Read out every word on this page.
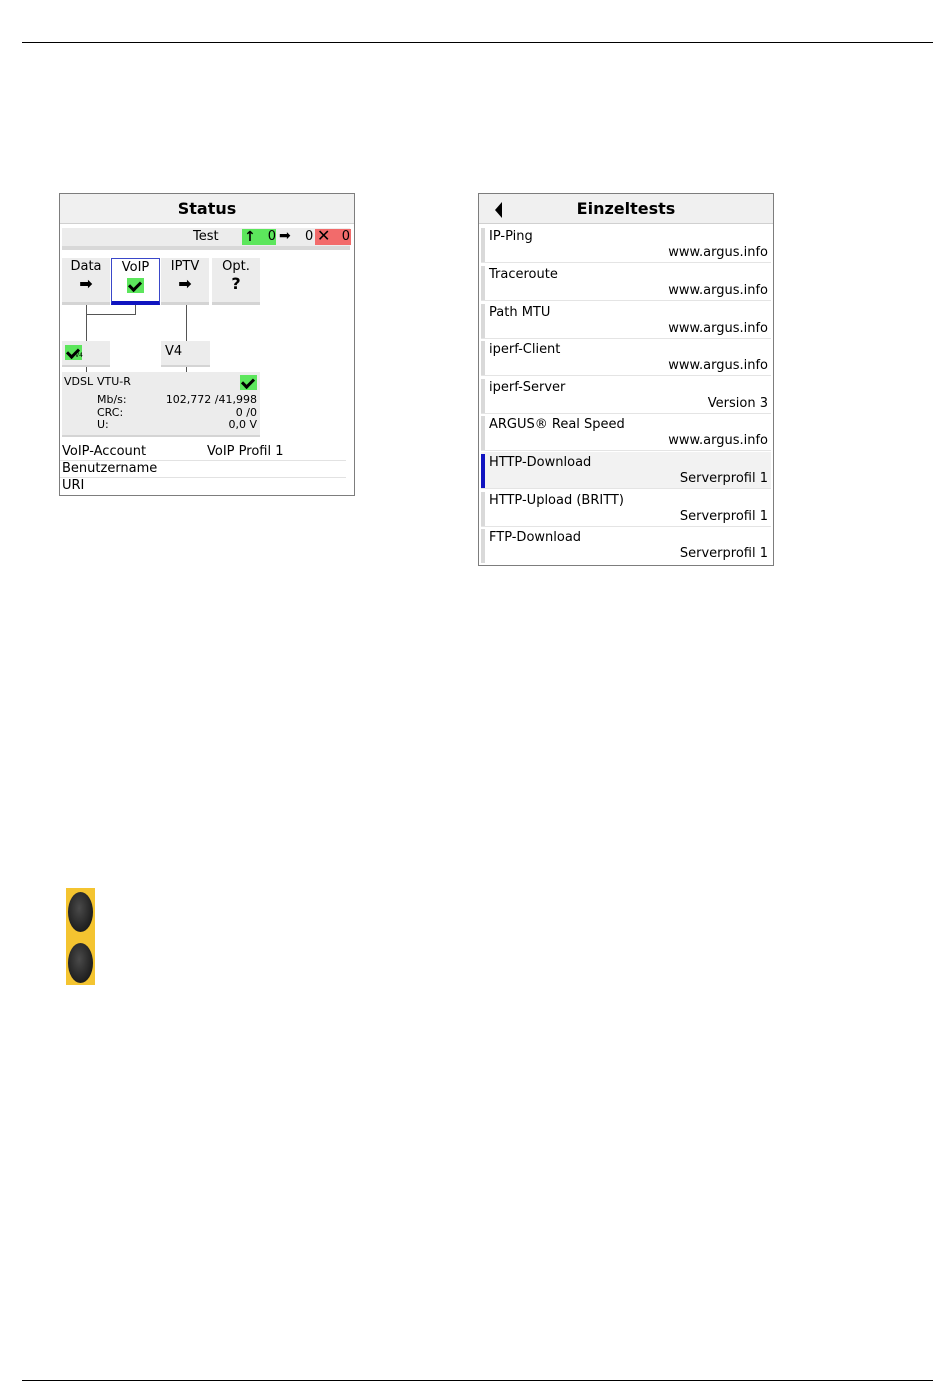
Status
Test ↑ 0 ➡ 0 ✕ 0
Data
➡
VoIP	IPTV
➡
Opt.
?
V4	V4
VDSL VTU-R
Mb/s:	102,772 /41,998
CRC:	0 /0
U:	0,0 V
VoIP-Account	VoIP Profil 1
Benutzername
URI
Einzeltests
IP-Ping
www.argus.info
Traceroute
www.argus.info
Path MTU
www.argus.info
iperf-Client
www.argus.info
iperf-Server
Version 3
ARGUS® Real Speed
www.argus.info
HTTP-Download
Serverprofil 1
HTTP-Upload (BRITT)
Serverprofil 1
FTP-Download
Serverprofil 1
